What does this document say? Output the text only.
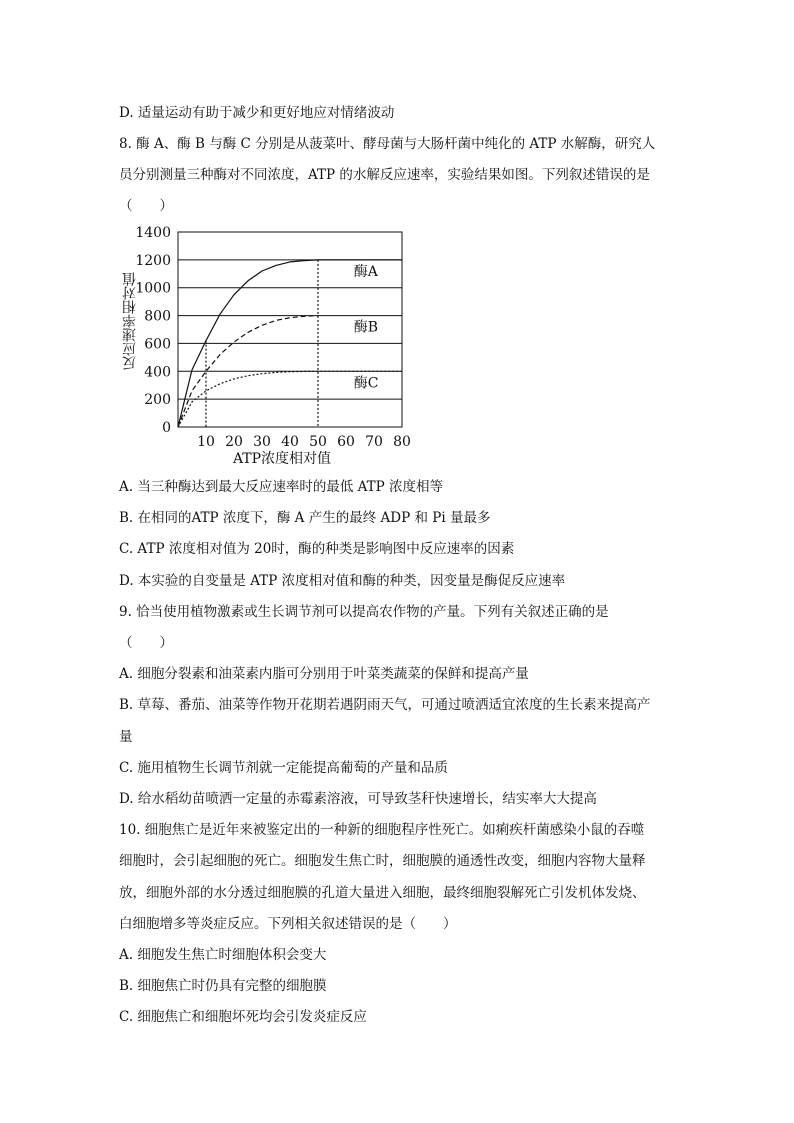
D. 适量运动有助于减少和更好地应对情绪波动
8. 酶 A、酶 B 与酶 C 分别是从菠菜叶、酵母菌与大肠杆菌中纯化的 ATP 水解酶，研究人
员分别测量三种酶对不同浓度，ATP 的水解反应速率，实验结果如图。下列叙述错误的是
（　　）
0
200
400
600
800
1000
1200
1400
10 20 30 40 50 60 70 80
ATP浓度相对值
反应速率相对值
酶A
酶B
酶C
A. 当三种酶达到最大反应速率时的最低 ATP 浓度相等
B. 在相同的ATP 浓度下，酶 A 产生的最终 ADP 和 Pi 量最多
C. ATP 浓度相对值为 20时，酶的种类是影响图中反应速率的因素
D. 本实验的自变量是 ATP 浓度相对值和酶的种类，因变量是酶促反应速率
9. 恰当使用植物激素或生长调节剂可以提高农作物的产量。下列有关叙述正确的是
（　　）
A. 细胞分裂素和油菜素内脂可分别用于叶菜类蔬菜的保鲜和提高产量
B. 草莓、番茄、油菜等作物开花期若遇阴雨天气，可通过喷洒适宜浓度的生长素来提高产
量
C. 施用植物生长调节剂就一定能提高葡萄的产量和品质
D. 给水稻幼苗喷洒一定量的赤霉素溶液，可导致茎秆快速增长，结实率大大提高
10. 细胞焦亡是近年来被鉴定出的一种新的细胞程序性死亡。如痢疾杆菌感染小鼠的吞噬
细胞时，会引起细胞的死亡。细胞发生焦亡时，细胞膜的通透性改变，细胞内容物大量释
放，细胞外部的水分透过细胞膜的孔道大量进入细胞，最终细胞裂解死亡引发机体发烧、
白细胞增多等炎症反应。下列相关叙述错误的是（　　）
A. 细胞发生焦亡时细胞体积会变大
B. 细胞焦亡时仍具有完整的细胞膜
C. 细胞焦亡和细胞坏死均会引发炎症反应
